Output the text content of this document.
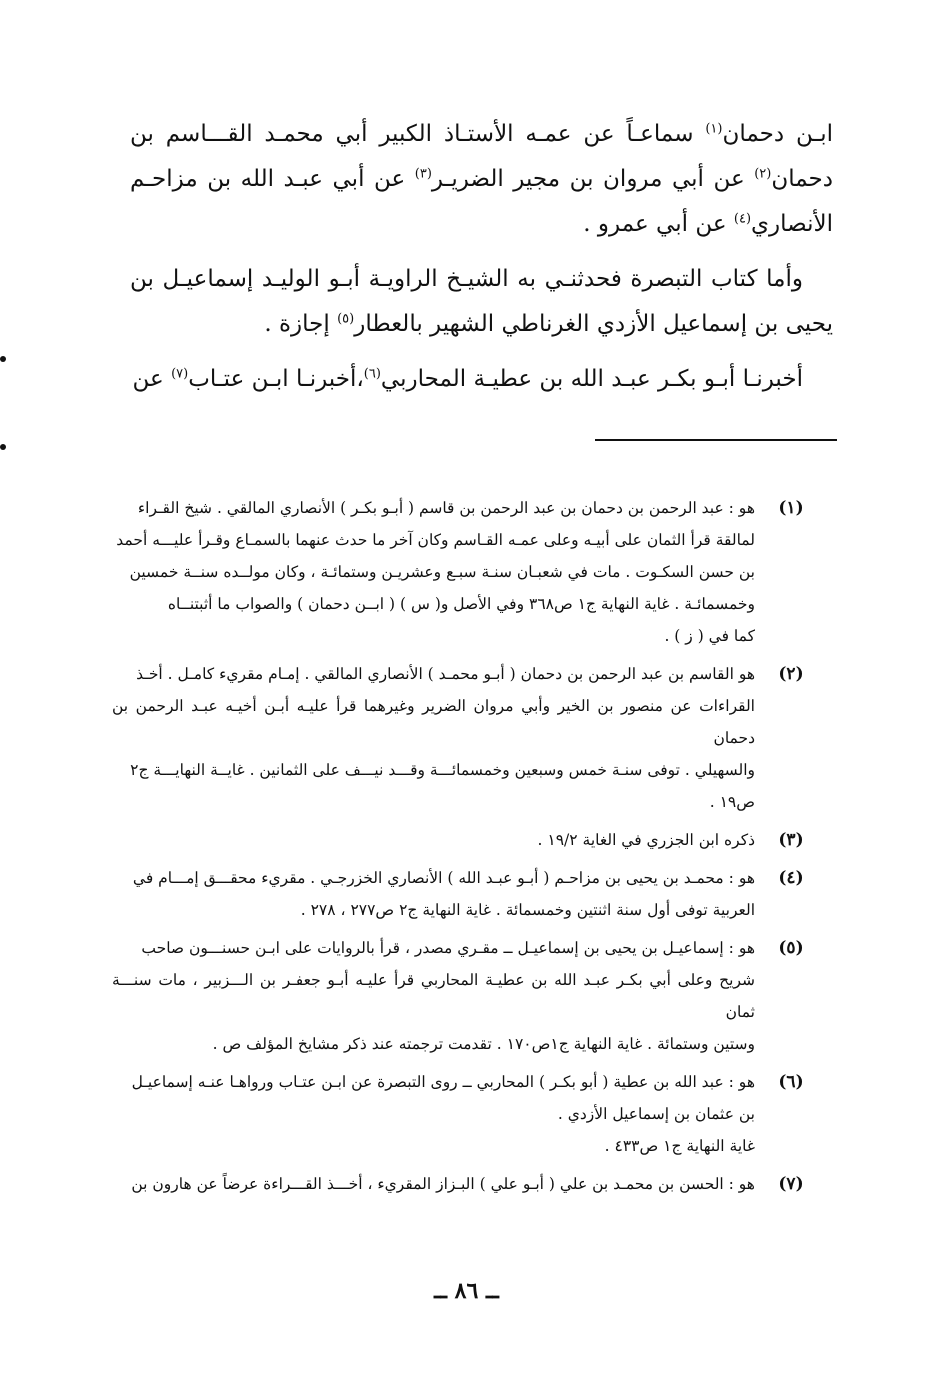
ابـن دحمان$^{(١)}$ سماعـاً عن عمـه الأستـاذ الكبير أبي محمـد القـــاسم بن دحمان$^{(٢)}$ عن أبي مروان بن مجير الضريـر$^{(٣)}$ عن أبي عبـد الله بن مزاحـم الأنصاري$^{(٤)}$ عن أبي عمرو .

وأما كتاب التبصرة فحدثنـي به الشيـخ الراويـة أبـو الوليـد إسماعيـل بن يحيى بن إسماعيل الأزدي الغرناطي الشهير بالعطار$^{(٥)}$ إجازة .

أخبرنـا أبـو بكـر عبـد الله بن عطيـة المحاربي$^{(٦)}$،أخبرنـا ابـن عتـاب$^{(٧)}$ عن

(١)
هو : عبد الرحمن بن دحمان بن عبد الرحمن بن قاسم ( أبـو بكـر ) الأنصاري المالقي . شيخ القـراء
لمالقة قرأ الثمان على أبيـه وعلى عمـه القـاسم وكان آخر ما حدث عنهما بالسمـاع وقـرأ عليـــه أحمد
بن حسن السكـوت . مات في شعبـان سنـة سبـع وعشريـن وستمائـة ، وكان مولــده سنــة خمسين
وخمسمائـة . غاية النهاية ج١ ص٣٦٨ وفي الأصل و( س ) ( ابــن دحمان ) والصواب ما أثبتنــاه
كما في ( ز ) .
(٢)
هو القاسم بن عبد الرحمن بن دحمان ( أبـو محمـد ) الأنصاري المالقي . إمـام مقريء كامـل . أخـذ
القراءات عن منصور بن الخير وأبي مروان الضرير وغيرهما قرأ عليـه أبـن أخيـه عبـد الرحمن بن دحمان
والسهيلي . توفى سنـة خمس وسبعين وخمسمائـــة وقـــد نيـــف على الثمانين . غايــة النهايـــة ج٢
ص١٩ .
(٣)
ذكره ابن الجزري في الغاية ١٩/٢ .
(٤)
هو : محمـد بن يحيى بن مزاحـم ( أبـو عبـد الله ) الأنصاري الخزرجـي . مقريء محقـــق إمـــام في
العربية توفى أول سنة اثنتين وخمسمائة . غاية النهاية ج٢ ص٢٧٧ ، ٢٧٨ .
(٥)
هو : إسماعيـل بن يحيى بن إسماعيـل ــ مقـري مصدر ، قرأ بالروايات على ابـن حسنـــون صاحب
شريح وعلى أبي بكـر عبـد الله بن عطيـة المحاربي قرأ عليـه أبـو جعفـر بن الـــزبير ، مات سنـــة ثمان
وستين وستمائة . غاية النهاية ج١ص١٧٠ . تقدمت ترجمته عند ذكر مشايخ المؤلف ص .
(٦)
هو : عبد الله بن عطية ( أبو بكـر ) المحاربي ــ روى التبصرة عن ابـن عتـاب وروا‌هـا عنـه إسماعيـل
بن عثمان بن إسماعيل الأزدي .
غاية النهاية ج١ ص٤٣٣ .
(٧)
هو : الحسن بن محمـد بن علي ( أبـو علي ) البـزاز المقريء ، أخـــذ القـــراءة عرضاً عن هارون بن
ــ ٨٦ ــ
